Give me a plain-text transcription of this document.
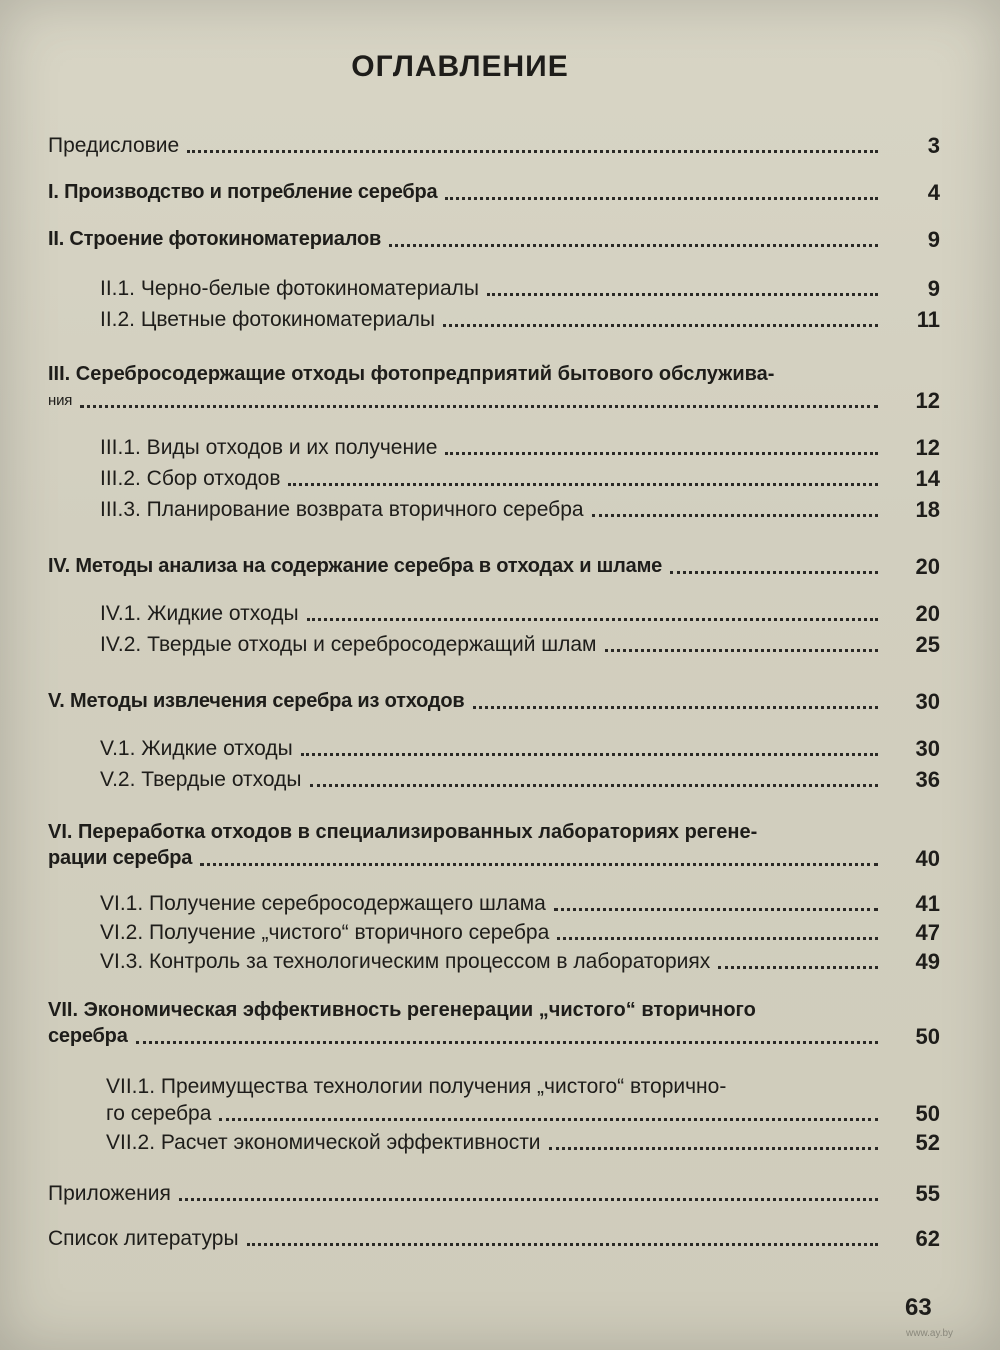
ОГЛАВЛЕНИЕ
Предисловие	3
I. Производство и потребление серебра	4
II. Строение фотокиноматериалов	9
II.1. Черно-белые фотокиноматериалы	9
II.2. Цветные фотокиноматериалы	11
III. Серебросодержащие отходы фотопредприятий бытового обслужива-
ния	12
III.1. Виды отходов и их получение	12
III.2. Сбор отходов	14
III.3. Планирование возврата вторичного серебра	18
IV. Методы анализа на содержание серебра в отходах и шламе	20
IV.1. Жидкие отходы	20
IV.2. Твердые отходы и серебросодержащий шлам	25
V. Методы извлечения серебра из отходов	30
V.1. Жидкие отходы	30
V.2. Твердые отходы	36
VI. Переработка отходов в специализированных лабораториях регене-
рации серебра	40
VI.1. Получение серебросодержащего шлама	41
VI.2. Получение „чистого“ вторичного серебра	47
VI.3. Контроль за технологическим процессом в лабораториях	49
VII. Экономическая эффективность регенерации „чистого“ вторичного
серебра	50
VII.1. Преимущества технологии получения „чистого“ вторично-
го серебра	50
VII.2. Расчет экономической эффективности	52
Приложения	55
Список литературы	62
63
www.ay.by
